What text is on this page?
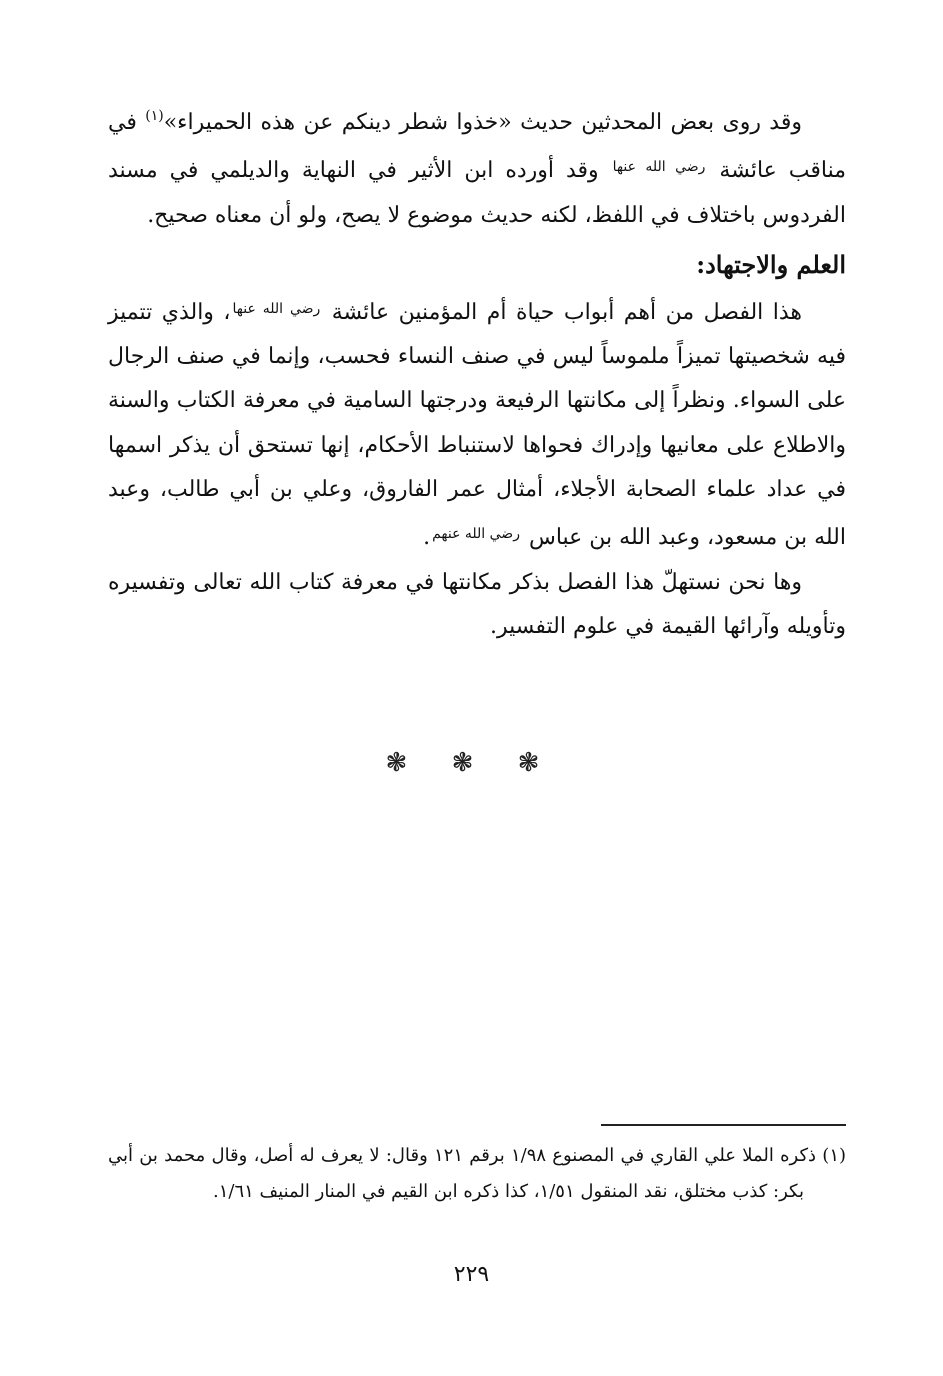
وقد روى بعض المحدثين حديث «خذوا شطر دينكم عن هذه الحميراء»$^{(١)}$ في مناقب عائشة $^{رضي الله عنها}$ وقد أورده ابن الأثير في النهاية والديلمي في مسند الفردوس باختلاف في اللفظ، لكنه حديث موضوع لا يصح، ولو أن معناه صحيح.

العلم والاجتهاد:

هذا الفصل من أهم أبواب حياة أم المؤمنين عائشة $^{رضي الله عنها}$، والذي تتميز فيه شخصيتها تميزاً ملموساً ليس في صنف النساء فحسب، وإنما في صنف الرجال على السواء. ونظراً إلى مكانتها الرفيعة ودرجتها السامية في معرفة الكتاب والسنة والاطلاع على معانيها وإدراك فحواها لاستنباط الأحكام، إنها تستحق أن يذكر اسمها في عداد علماء الصحابة الأجلاء، أمثال عمر الفاروق، وعلي بن أبي طالب، وعبد الله بن مسعود، وعبد الله بن عباس $^{رضي الله عنهم}$.

وها نحن نستهلّ هذا الفصل بذكر مكانتها في معرفة كتاب الله تعالى وتفسيره وتأويله وآرائها القيمة في علوم التفسير.

❃ ❃ ❃

(١) ذكره الملا علي القاري في المصنوع ١/٩٨ برقم ١٢١ وقال: لا يعرف له أصل، وقال محمد بن أبي بكر: كذب مختلق، نقد المنقول ١/٥١، كذا ذكره ابن القيم في المنار المنيف ١/٦١.

٢٢٩
